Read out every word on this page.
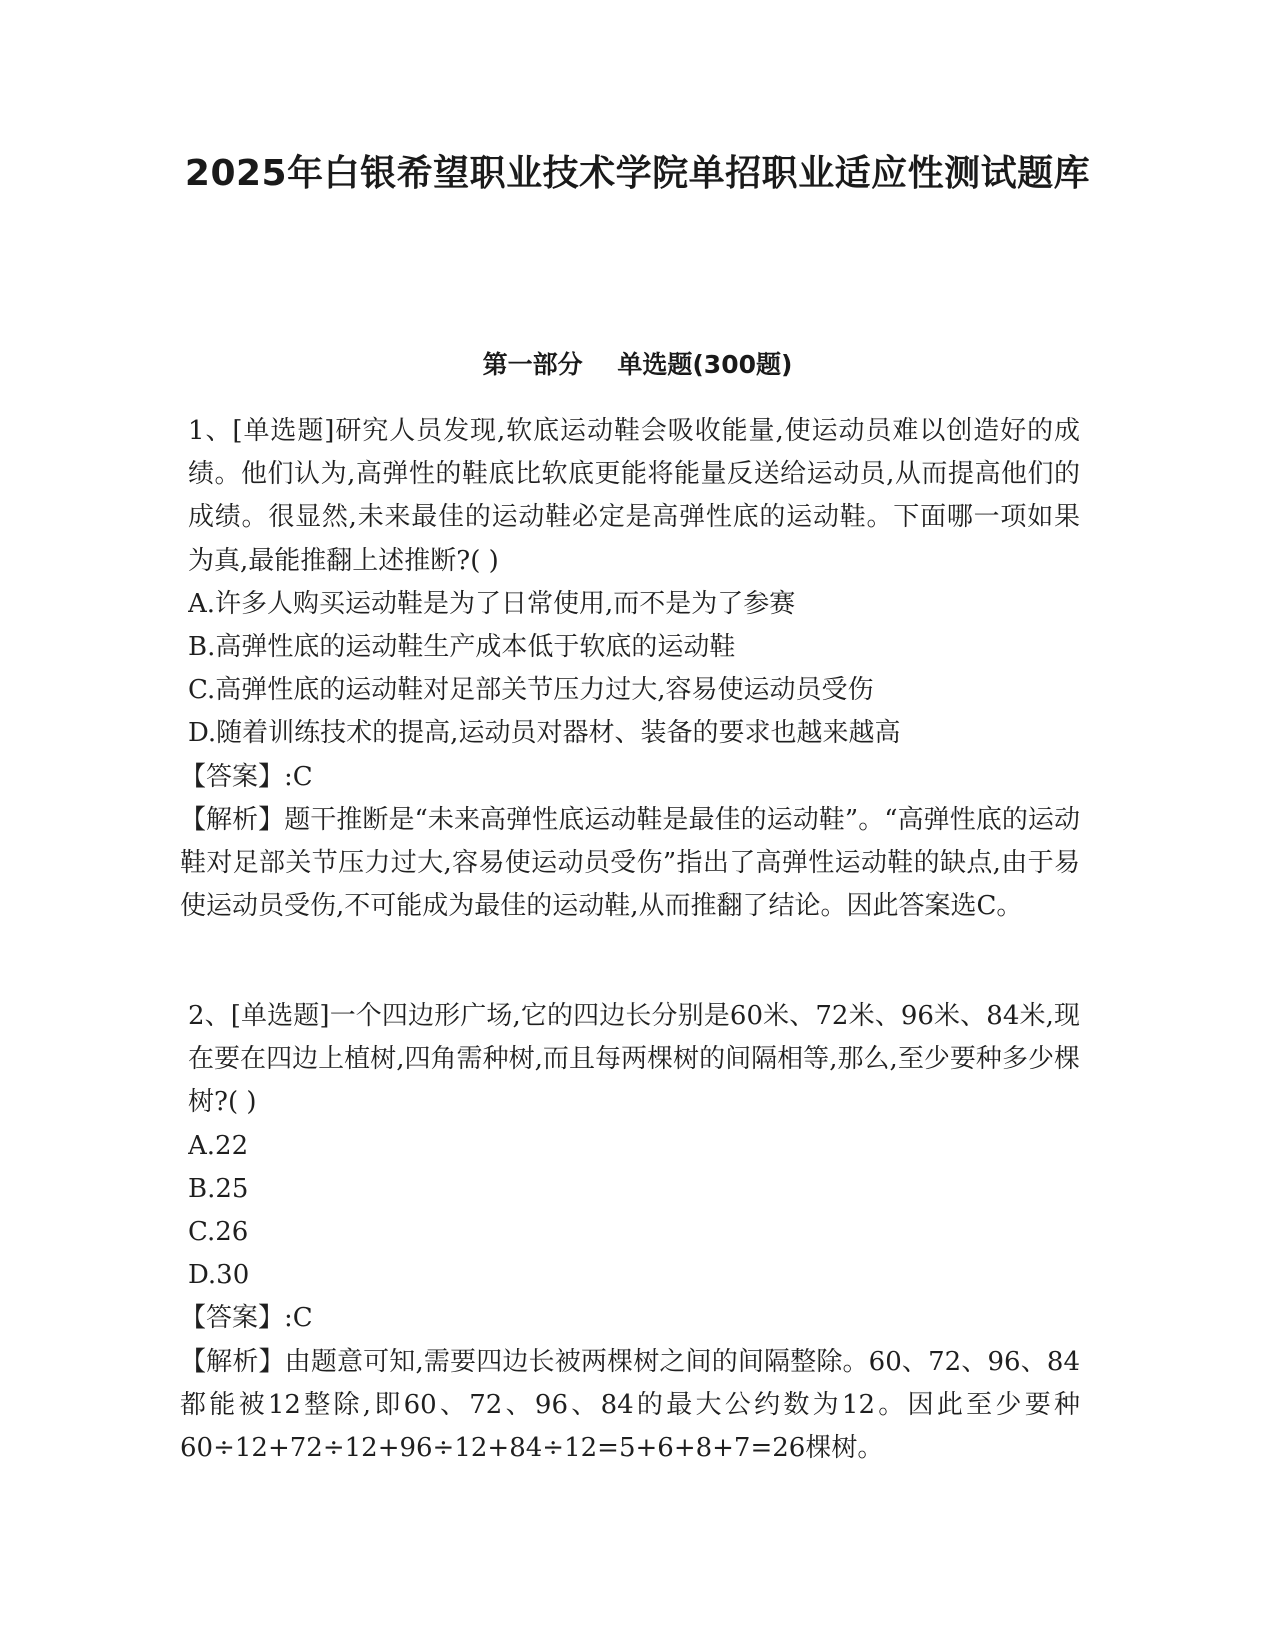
2025年白银希望职业技术学院单招职业适应性测试题库
第一部分    单选题(300题)

1、[单选题]研究人员发现,软底运动鞋会吸收能量,使运动员难以创造好的成绩。他们认为,高弹性的鞋底比软底更能将能量反送给运动员,从而提高他们的成绩。很显然,未来最佳的运动鞋必定是高弹性底的运动鞋。下面哪一项如果为真,最能推翻上述推断?( )

A.许多人购买运动鞋是为了日常使用,而不是为了参赛

B.高弹性底的运动鞋生产成本低于软底的运动鞋

C.高弹性底的运动鞋对足部关节压力过大,容易使运动员受伤

D.随着训练技术的提高,运动员对器材、装备的要求也越来越高

【答案】:C

【解析】题干推断是“未来高弹性底运动鞋是最佳的运动鞋”。“高弹性底的运动鞋对足部关节压力过大,容易使运动员受伤”指出了高弹性运动鞋的缺点,由于易使运动员受伤,不可能成为最佳的运动鞋,从而推翻了结论。因此答案选C。

2、[单选题]一个四边形广场,它的四边长分别是60米、72米、96米、84米,现在要在四边上植树,四角需种树,而且每两棵树的间隔相等,那么,至少要种多少棵树?( )

A.22

B.25

C.26

D.30

【答案】:C

【解析】由题意可知,需要四边长被两棵树之间的间隔整除。60、72、96、84都能被12整除,即60、72、96、84的最大公约数为12。因此至少要种60÷12+72÷12+96÷12+84÷12=5+6+8+7=26棵树。
